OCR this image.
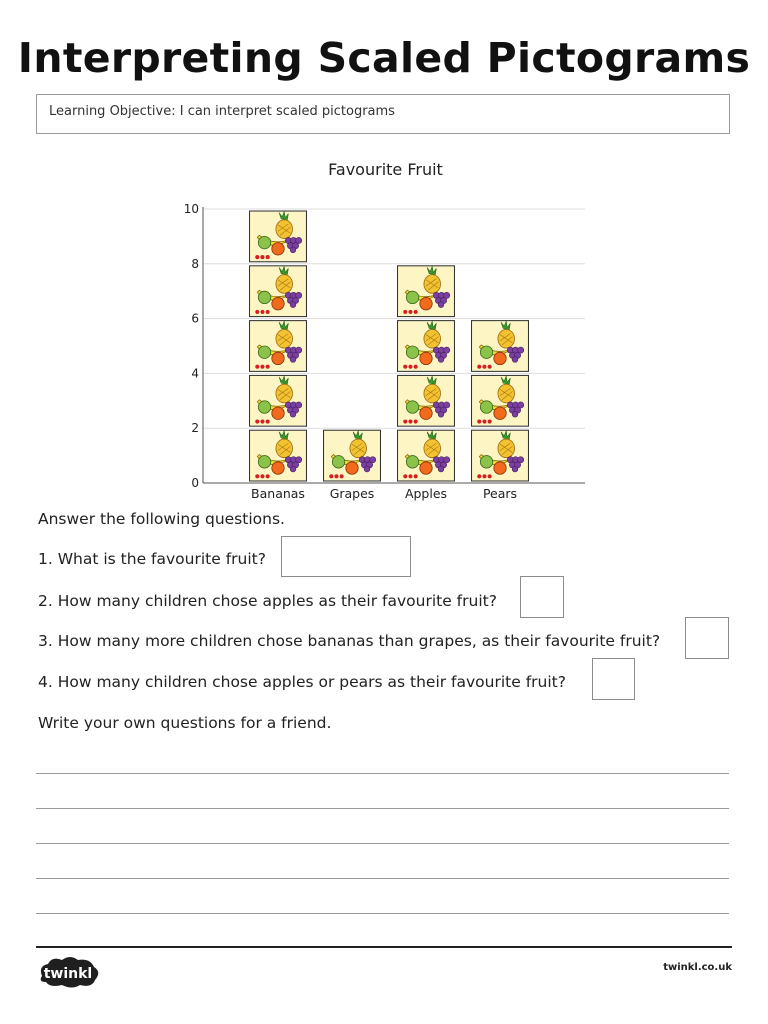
Interpreting Scaled Pictograms
Learning Objective: I can interpret scaled pictograms
Favourite Fruit
0
2
4
6
8
10
Bananas Grapes Apples	Pears
Answer the following questions.
1. What is the favourite fruit?
2. How many children chose apples as their favourite fruit?
3. How many more children chose bananas than grapes, as their favourite fruit?
4. How many children chose apples or pears as their favourite fruit?
Write your own questions for a friend.
twinkl	twinkl.co.uk
